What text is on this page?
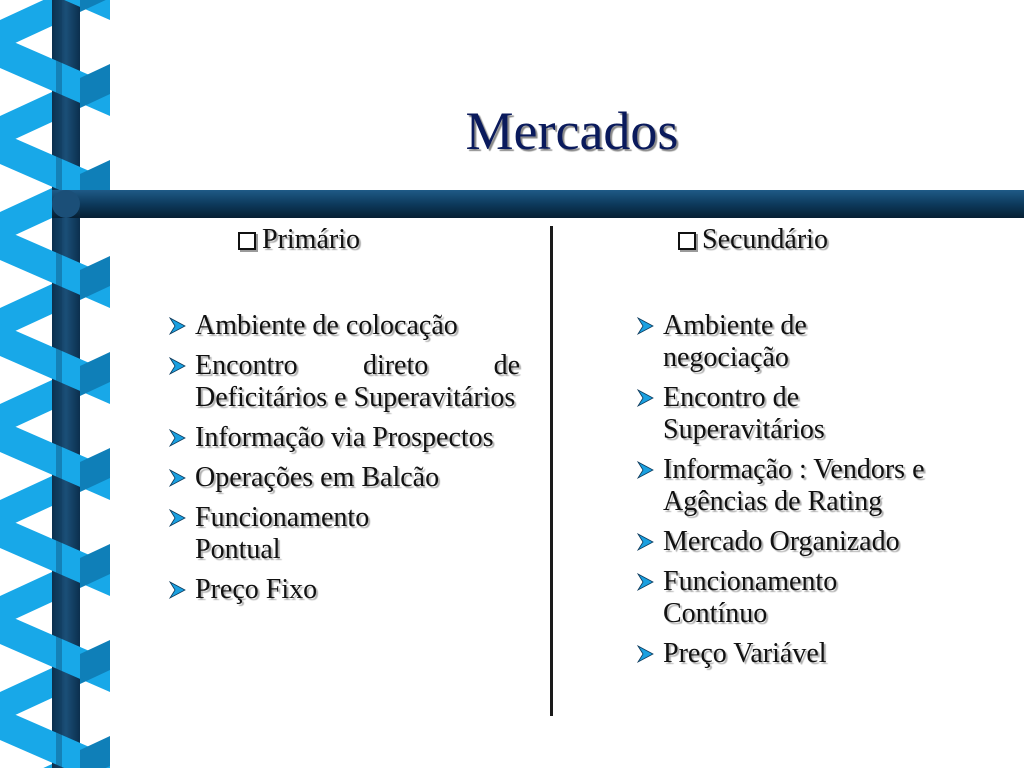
Mercados
Primário	Secundário
Ambiente de colocação
Encontro direto de Deficitários e Superavitários
Informação via Prospectos
Operações em Balcão
Funcionamento Pontual
Preço Fixo
Ambiente de negociação
Encontro de Superavitários
Informação : Vendors e Agências de Rating
Mercado Organizado
Funcionamento Contínuo
Preço Variável
